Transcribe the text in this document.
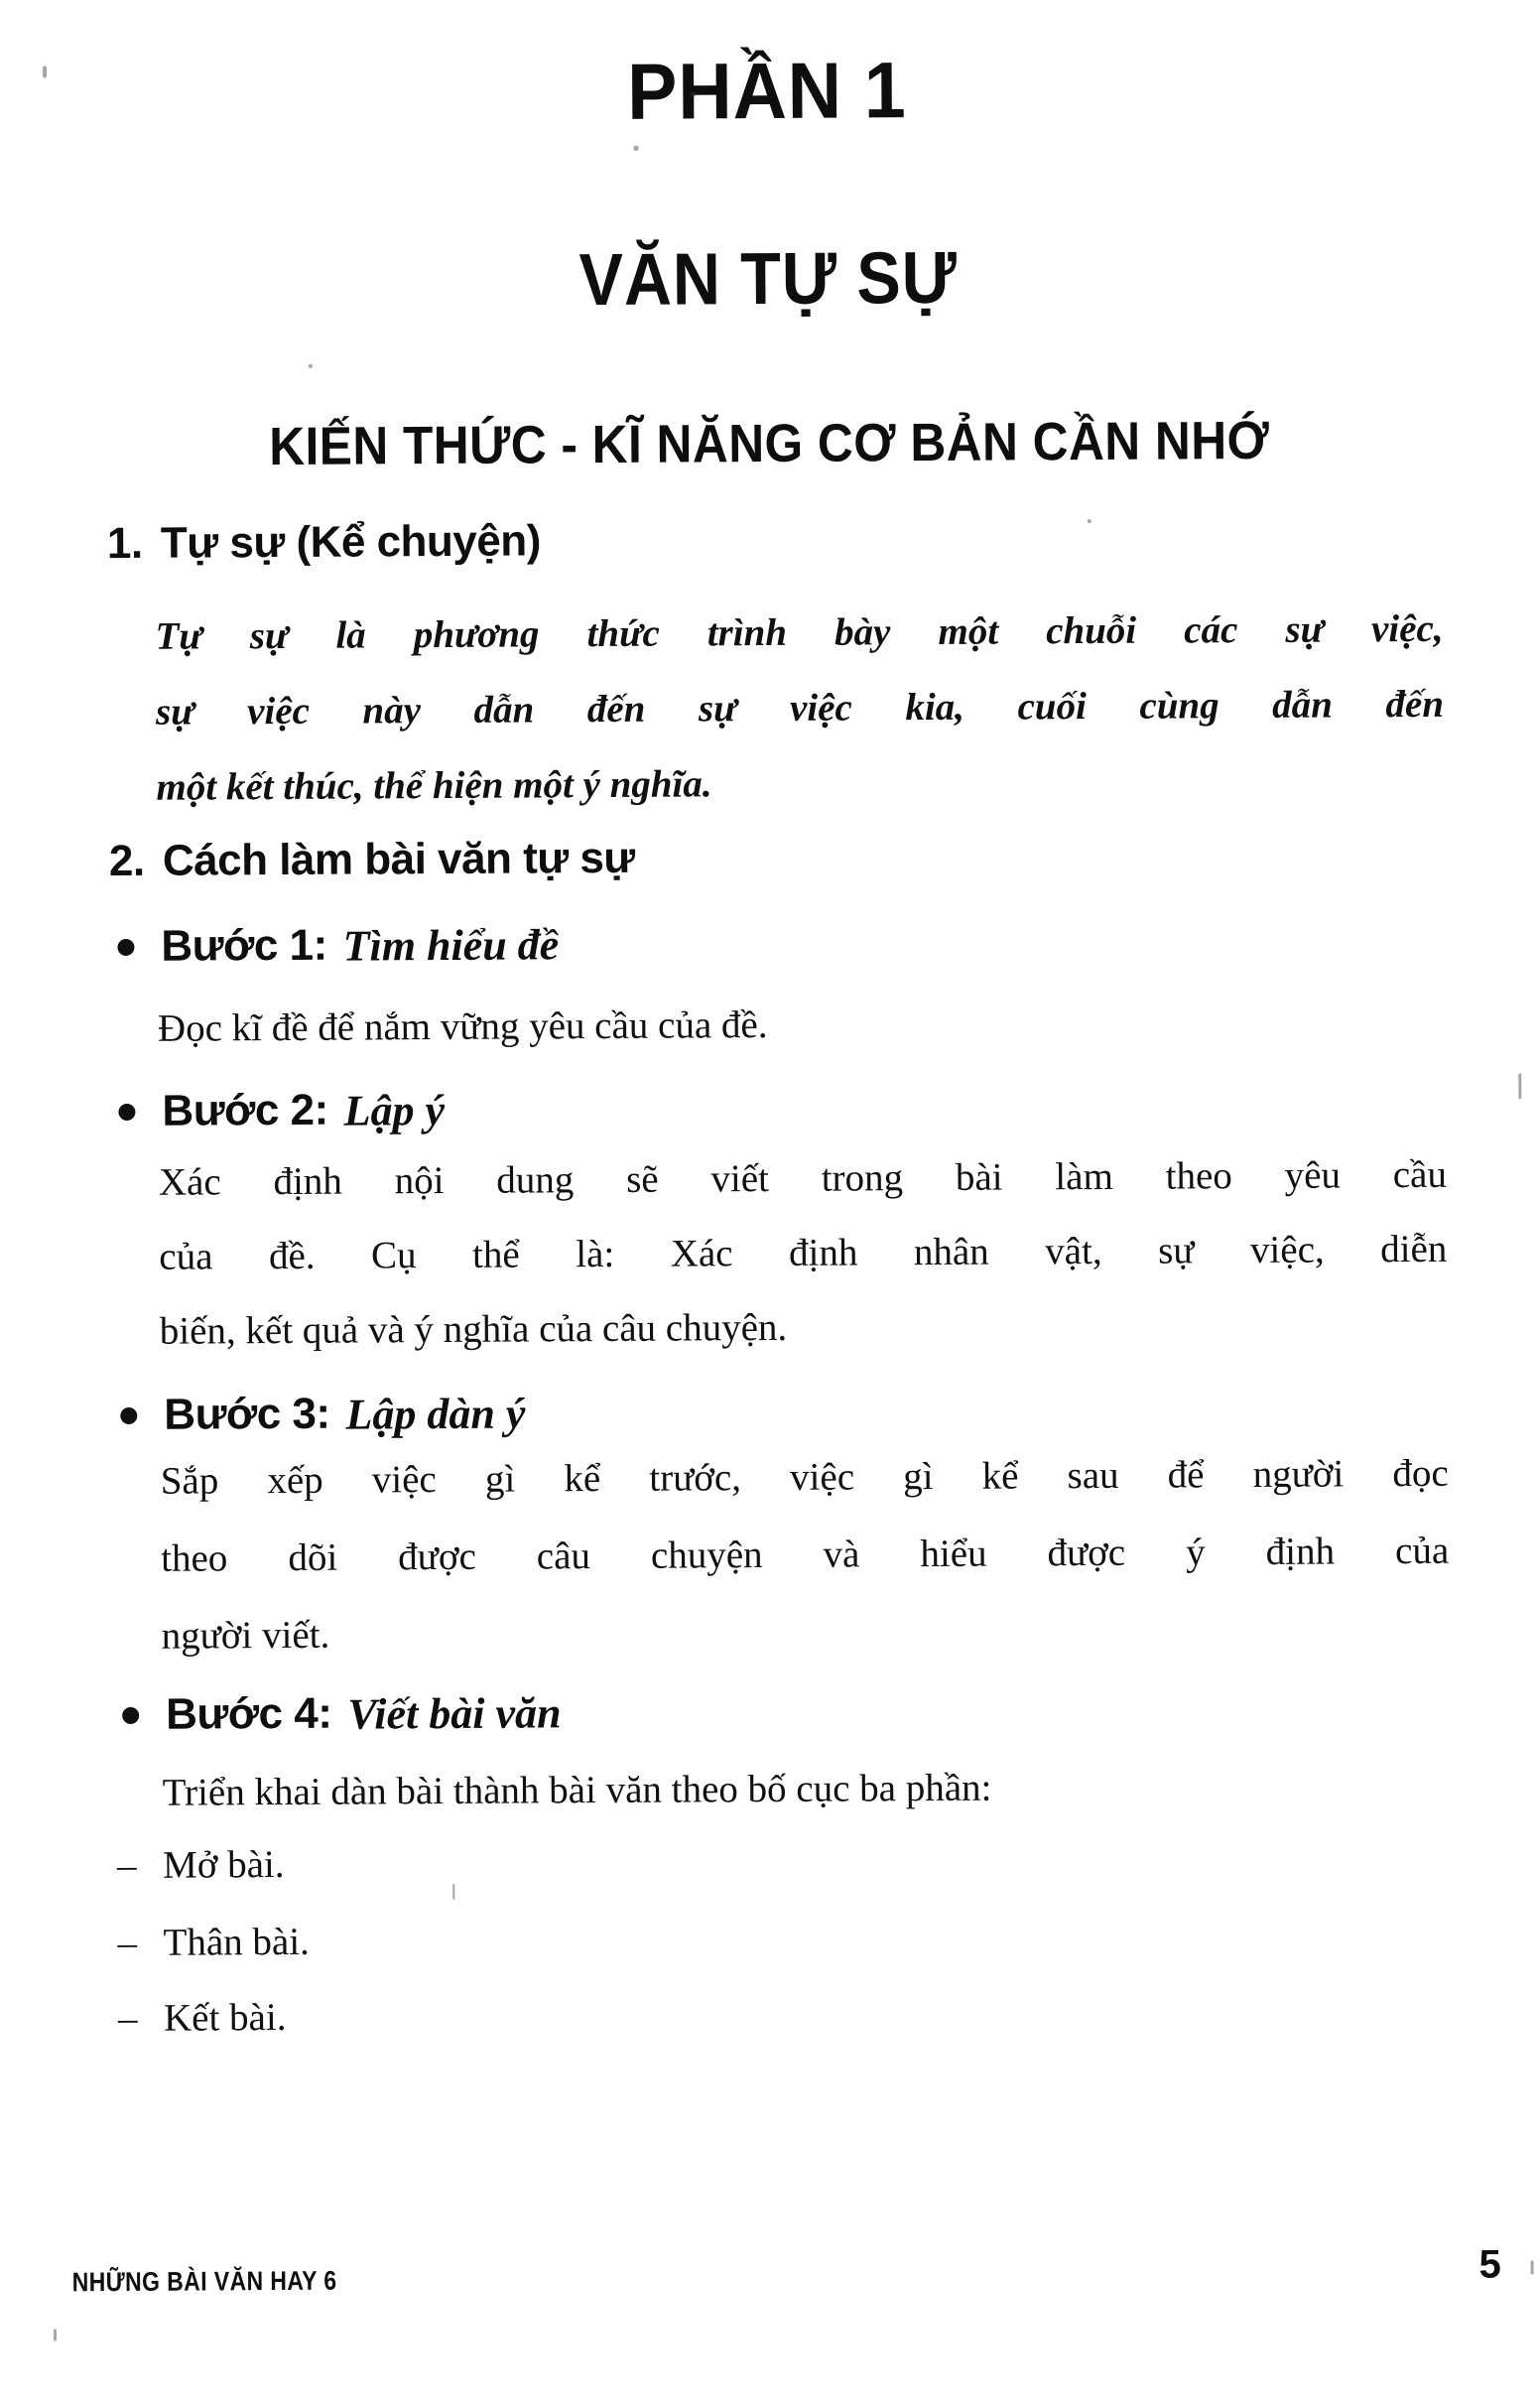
PHẦN 1
VĂN TỰ SỰ
KIẾN THỨC - KĨ NĂNG CƠ BẢN CẦN NHỚ
1. Tự sự (Kể chuyện)
Tự sự là phương thức trình bày một chuỗi các sự việc,
sự việc này dẫn đến sự việc kia, cuối cùng dẫn đến
một kết thúc, thể hiện một ý nghĩa.
2. Cách làm bài văn tự sự
Bước 1: Tìm hiểu đề
Đọc kĩ đề để nắm vững yêu cầu của đề.
Bước 2: Lập ý
Xác định nội dung sẽ viết trong bài làm theo yêu cầu
của đề. Cụ thể là: Xác định nhân vật, sự việc, diễn
biến, kết quả và ý nghĩa của câu chuyện.
Bước 3: Lập dàn ý
Sắp xếp việc gì kể trước, việc gì kể sau để người đọc
theo dõi được câu chuyện và hiểu được ý định của
người viết.
Bước 4: Viết bài văn
Triển khai dàn bài thành bài văn theo bố cục ba phần:
– Mở bài.
– Thân bài.
– Kết bài.
NHỮNG BÀI VĂN HAY 6	5
